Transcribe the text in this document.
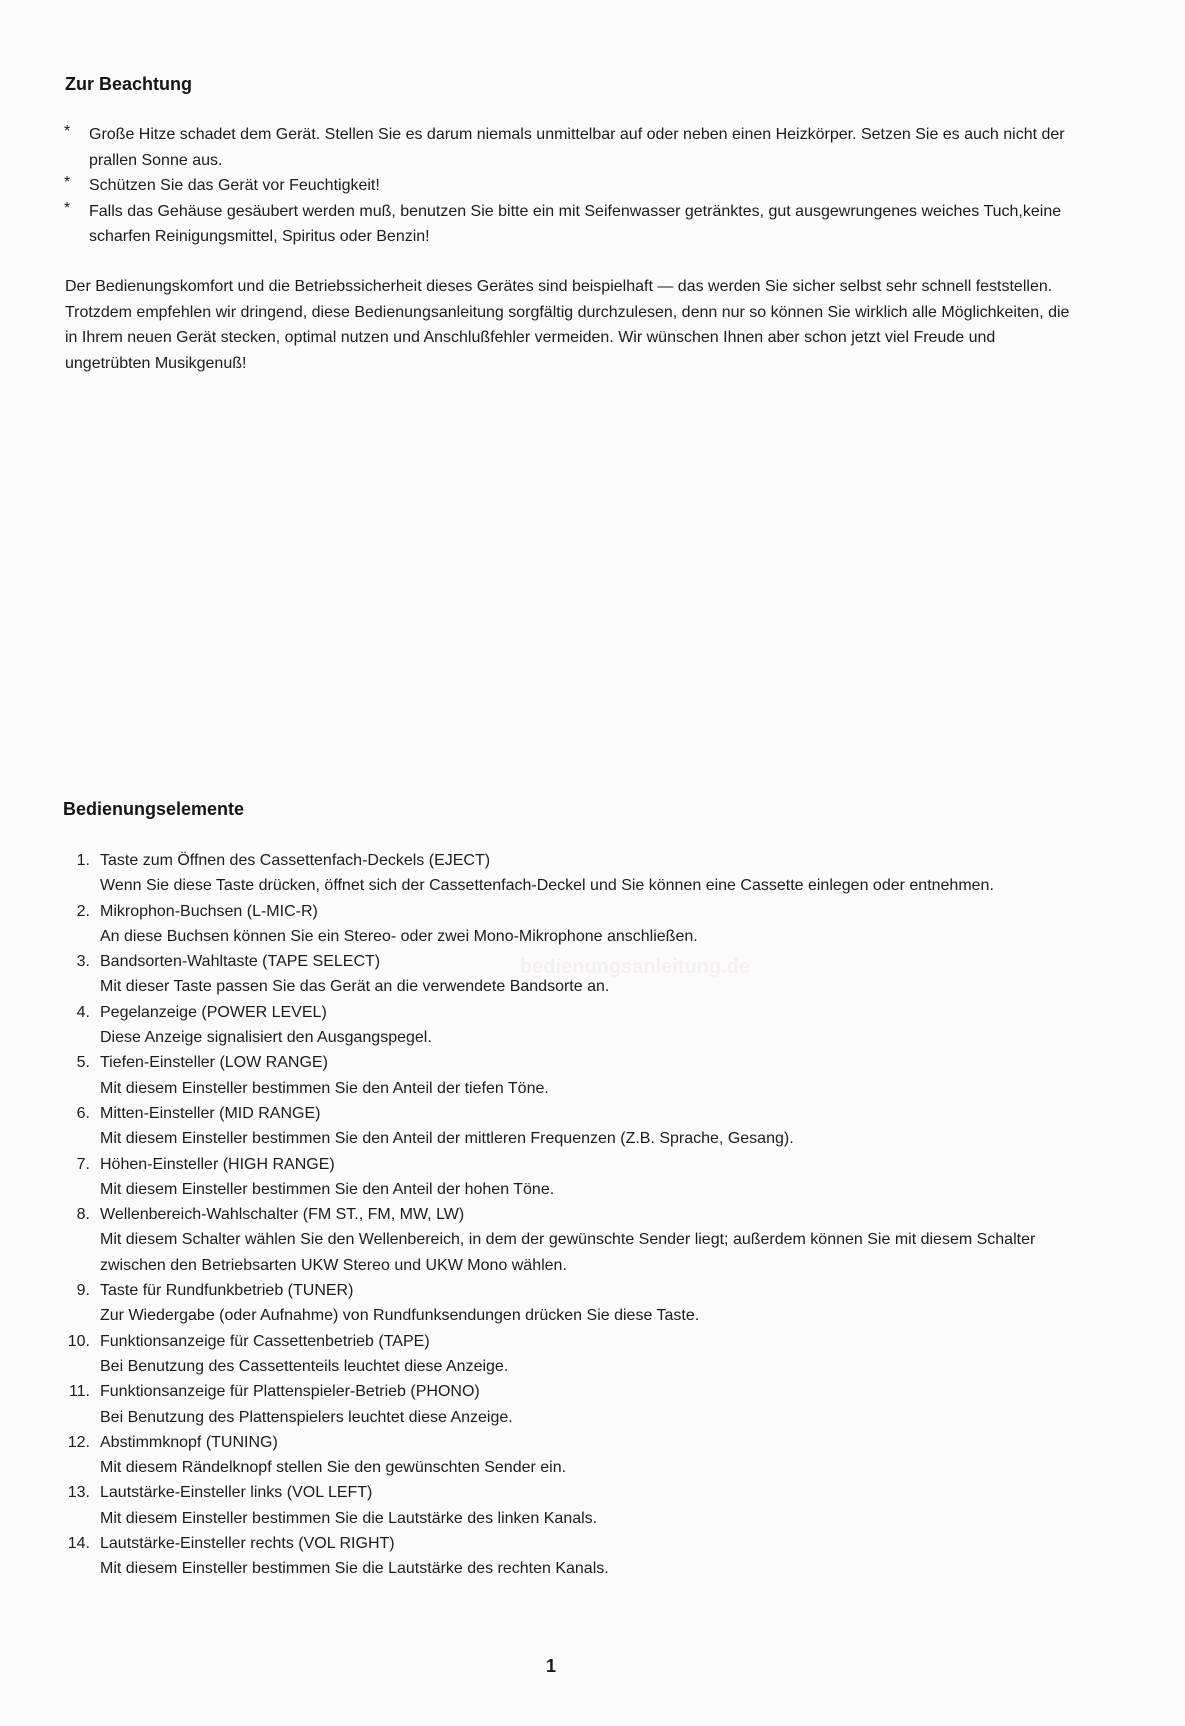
Zur Beachtung
* Große Hitze schadet dem Gerät. Stellen Sie es darum niemals unmittelbar auf oder neben einen Heizkörper. Setzen Sie es auch nicht der prallen Sonne aus.
* Schützen Sie das Gerät vor Feuchtigkeit!
* Falls das Gehäuse gesäubert werden muß, benutzen Sie bitte ein mit Seifenwasser getränktes, gut ausgewrungenes weiches Tuch,keine scharfen Reinigungsmittel, Spiritus oder Benzin!

Der Bedienungskomfort und die Betriebssicherheit dieses Gerätes sind beispielhaft — das werden Sie sicher selbst sehr schnell feststellen. Trotzdem empfehlen wir dringend, diese Bedienungsanleitung sorgfältig durchzulesen, denn nur so können Sie wirklich alle Möglichkeiten, die in Ihrem neuen Gerät stecken, optimal nutzen und Anschlußfehler vermeiden. Wir wünschen Ihnen aber schon jetzt viel Freude und ungetrübten Musikgenuß!

Bedienungselemente
1. Taste zum Öffnen des Cassettenfach-Deckels (EJECT)
Wenn Sie diese Taste drücken, öffnet sich der Cassettenfach-Deckel und Sie können eine Cassette einlegen oder entnehmen.
2. Mikrophon-Buchsen (L-MIC-R)
An diese Buchsen können Sie ein Stereo- oder zwei Mono-Mikrophone anschließen.
3. Bandsorten-Wahltaste (TAPE SELECT)
Mit dieser Taste passen Sie das Gerät an die verwendete Bandsorte an.
4. Pegelanzeige (POWER LEVEL)
Diese Anzeige signalisiert den Ausgangspegel.
5. Tiefen-Einsteller (LOW RANGE)
Mit diesem Einsteller bestimmen Sie den Anteil der tiefen Töne.
6. Mitten-Einsteller (MID RANGE)
Mit diesem Einsteller bestimmen Sie den Anteil der mittleren Frequenzen (Z.B. Sprache, Gesang).
7. Höhen-Einsteller (HIGH RANGE)
Mit diesem Einsteller bestimmen Sie den Anteil der hohen Töne.
8. Wellenbereich-Wahlschalter (FM ST., FM, MW, LW)
Mit diesem Schalter wählen Sie den Wellenbereich, in dem der gewünschte Sender liegt; außerdem können Sie mit diesem Schalter zwischen den Betriebsarten UKW Stereo und UKW Mono wählen.
9. Taste für Rundfunkbetrieb (TUNER)
Zur Wiedergabe (oder Aufnahme) von Rundfunksendungen drücken Sie diese Taste.
10. Funktionsanzeige für Cassettenbetrieb (TAPE)
Bei Benutzung des Cassettenteils leuchtet diese Anzeige.
11. Funktionsanzeige für Plattenspieler-Betrieb (PHONO)
Bei Benutzung des Plattenspielers leuchtet diese Anzeige.
12. Abstimmknopf (TUNING)
Mit diesem Rändelknopf stellen Sie den gewünschten Sender ein.
13. Lautstärke-Einsteller links (VOL LEFT)
Mit diesem Einsteller bestimmen Sie die Lautstärke des linken Kanals.
14. Lautstärke-Einsteller rechts (VOL RIGHT)
Mit diesem Einsteller bestimmen Sie die Lautstärke des rechten Kanals.
bedienungsanleitung.de
1
